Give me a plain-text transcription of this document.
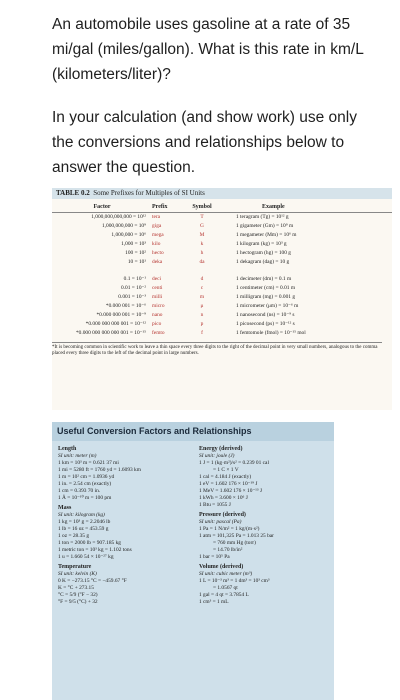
An automobile uses gasoline at a rate of 35 mi/gal (miles/gallon). What is this rate in km/L (kilometers/liter)?

In your calculation (and show work) use only the conversions and relationships below to answer the question.

TABLE 0.2 Some Prefixes for Multiples of SI Units
Factor	Prefix	Symbol	Example
1,000,000,000,000 = 10¹²	tera	T	1 teragram (Tg) = 10¹² g
1,000,000,000 = 10⁹	giga	G	1 gigameter (Gm) = 10⁹ m
1,000,000 = 10⁶	mega	M	1 megameter (Mm) = 10⁶ m
1,000 = 10³	kilo	k	1 kilogram (kg) = 10³ g
100 = 10²	hecto	h	1 hectogram (hg) = 100 g
10 = 10¹	deka	da	1 dekagram (dag) = 10 g
0.1 = 10⁻¹	deci	d	1 decimeter (dm) = 0.1 m
0.01 = 10⁻²	centi	c	1 centimeter (cm) = 0.01 m
0.001 = 10⁻³	milli	m	1 milligram (mg) = 0.001 g
*0.000 001 = 10⁻⁶	micro	μ	1 micrometer (μm) = 10⁻⁶ m
*0.000 000 001 = 10⁻⁹	nano	n	1 nanosecond (ns) = 10⁻⁹ s
*0.000 000 000 001 = 10⁻¹²	pico	p	1 picosecond (ps) = 10⁻¹² s
*0.000 000 000 000 001 = 10⁻¹⁵	femto	f	1 femtomole (fmol) = 10⁻¹⁵ mol
*It is becoming common in scientific work to leave a thin space every three digits to the right of the decimal point in very small numbers, analogous to the comma placed every three digits to the left of the decimal point in large numbers.
Useful Conversion Factors and Relationships
Length
SI unit: meter (m)
1 km = 10³ m = 0.621 37 mi
1 mi = 5280 ft = 1760 yd = 1.6093 km
1 m = 10² cm = 1.0936 yd
1 in. = 2.54 cm (exactly)
1 cm = 0.393 70 in.
1 Å = 10⁻¹⁰ m = 100 pm
Mass
SI unit: kilogram (kg)
1 kg = 10³ g = 2.2046 lb
1 lb = 16 oz = 453.59 g
1 oz = 28.35 g
1 ton = 2000 lb = 907.185 kg
1 metric ton = 10³ kg = 1.102 tons
1 u = 1.660 54 × 10⁻²⁷ kg
Temperature
SI unit: kelvin (K)
0 K = −273.15 °C = −459.67 °F
K = °C + 273.15
°C = 5/9 (°F − 32)
°F = 9/5 (°C) + 32
Energy (derived)
SI unit: joule (J)
1 J = 1 (kg·m²)/s² = 0.239 01 cal
= 1 C × 1 V
1 cal = 4.184 J (exactly)
1 eV = 1.602 176 × 10⁻¹⁹ J
1 MeV = 1.602 176 × 10⁻¹³ J
1 kWh = 3.600 × 10⁶ J
1 Btu = 1055 J
Pressure (derived)
SI unit: pascal (Pa)
1 Pa = 1 N/m² = 1 kg/(m·s²)
1 atm = 101,325 Pa = 1.013 25 bar
= 760 mm Hg (torr)
= 14.70 lb/in²
1 bar = 10⁵ Pa
Volume (derived)
SI unit: cubic meter (m³)
1 L = 10⁻³ m³ = 1 dm³ = 10³ cm³
= 1.0567 qt
1 gal = 4 qt = 3.7854 L
1 cm³ = 1 mL
